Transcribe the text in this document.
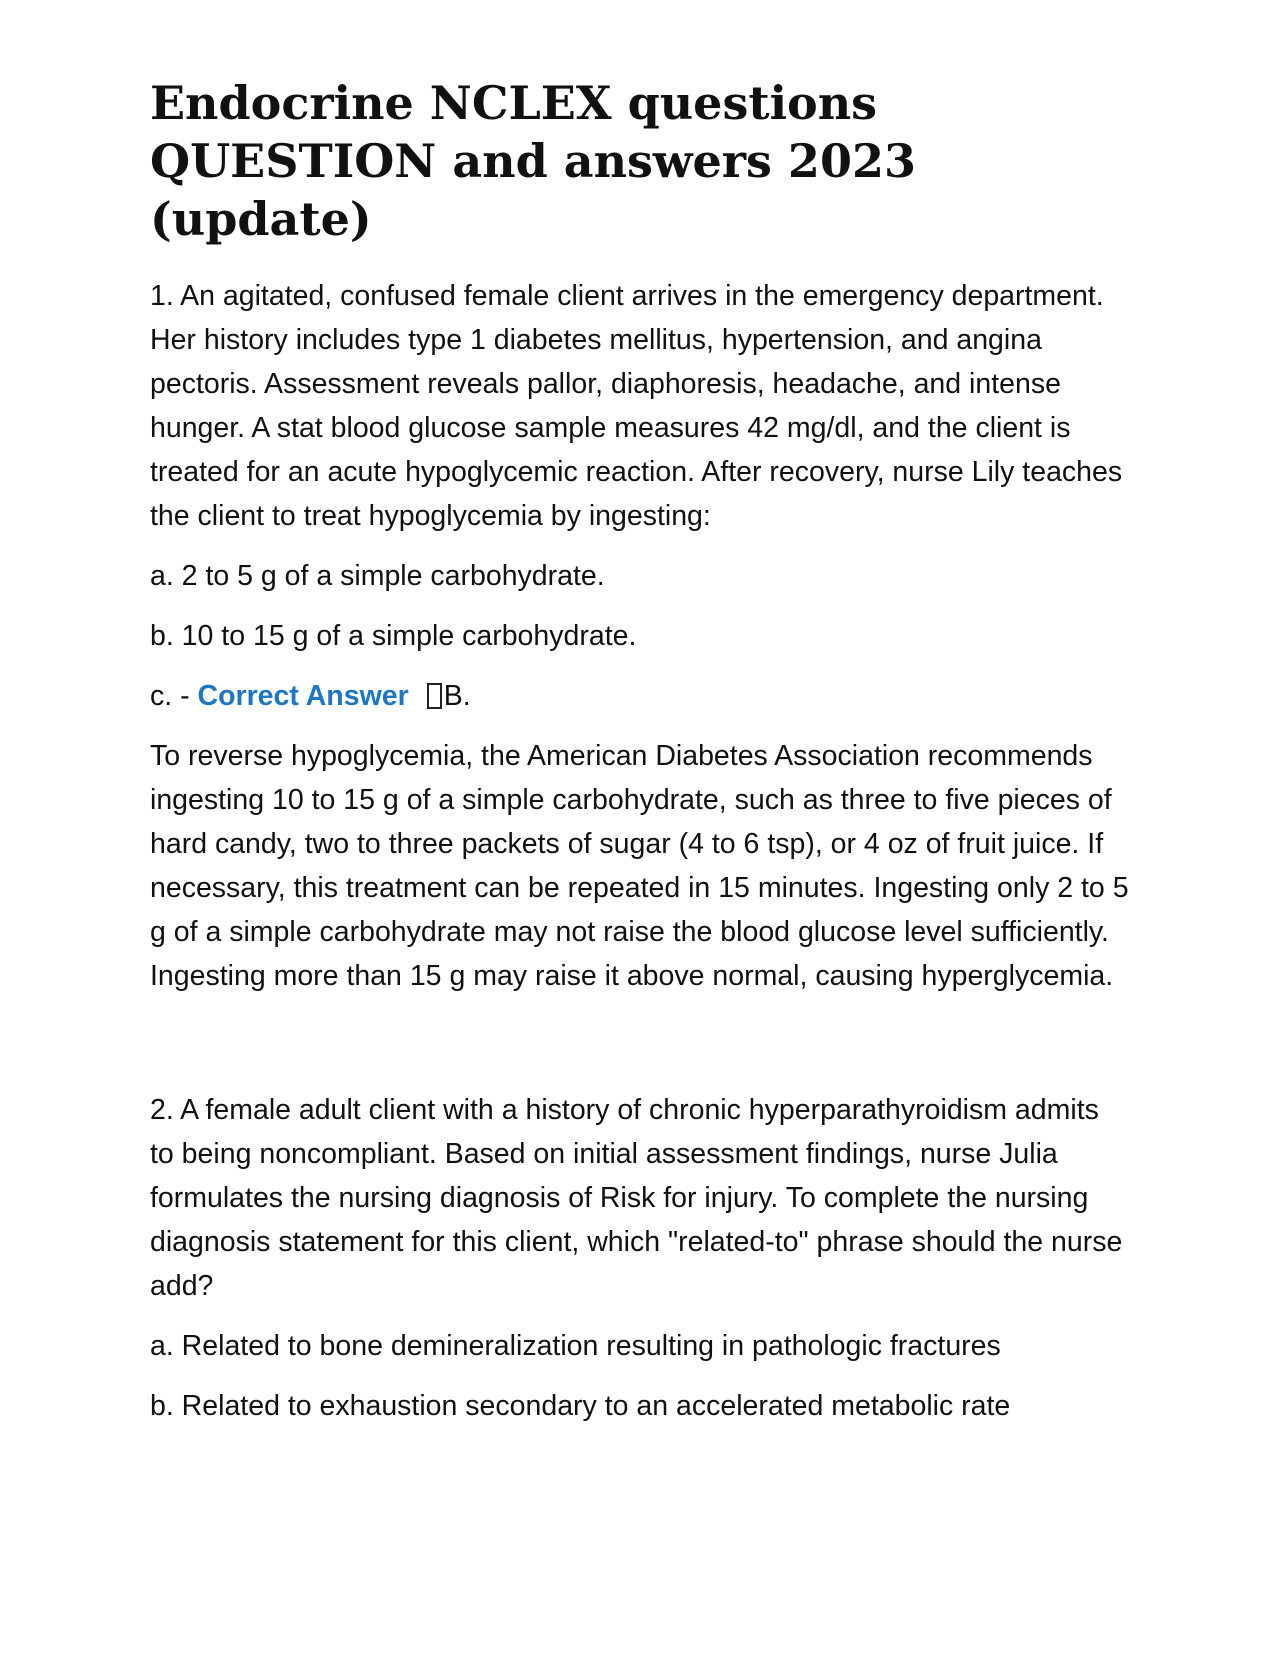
Endocrine NCLEX questions QUESTION and answers 2023 (update)

1. An agitated, confused female client arrives in the emergency department. Her history includes type 1 diabetes mellitus, hypertension, and angina pectoris. Assessment reveals pallor, diaphoresis, headache, and intense hunger. A stat blood glucose sample measures 42 mg/dl, and the client is treated for an acute hypoglycemic reaction. After recovery, nurse Lily teaches the client to treat hypoglycemia by ingesting:

a. 2 to 5 g of a simple carbohydrate.

b. 10 to 15 g of a simple carbohydrate.

c. - Correct Answer B.

To reverse hypoglycemia, the American Diabetes Association recommends ingesting 10 to 15 g of a simple carbohydrate, such as three to five pieces of hard candy, two to three packets of sugar (4 to 6 tsp), or 4 oz of fruit juice. If necessary, this treatment can be repeated in 15 minutes. Ingesting only 2 to 5 g of a simple carbohydrate may not raise the blood glucose level sufficiently. Ingesting more than 15 g may raise it above normal, causing hyperglycemia.

2. A female adult client with a history of chronic hyperparathyroidism admits to being noncompliant. Based on initial assessment findings, nurse Julia formulates the nursing diagnosis of Risk for injury. To complete the nursing diagnosis statement for this client, which "related-to" phrase should the nurse add?

a. Related to bone demineralization resulting in pathologic fractures

b. Related to exhaustion secondary to an accelerated metabolic rate
